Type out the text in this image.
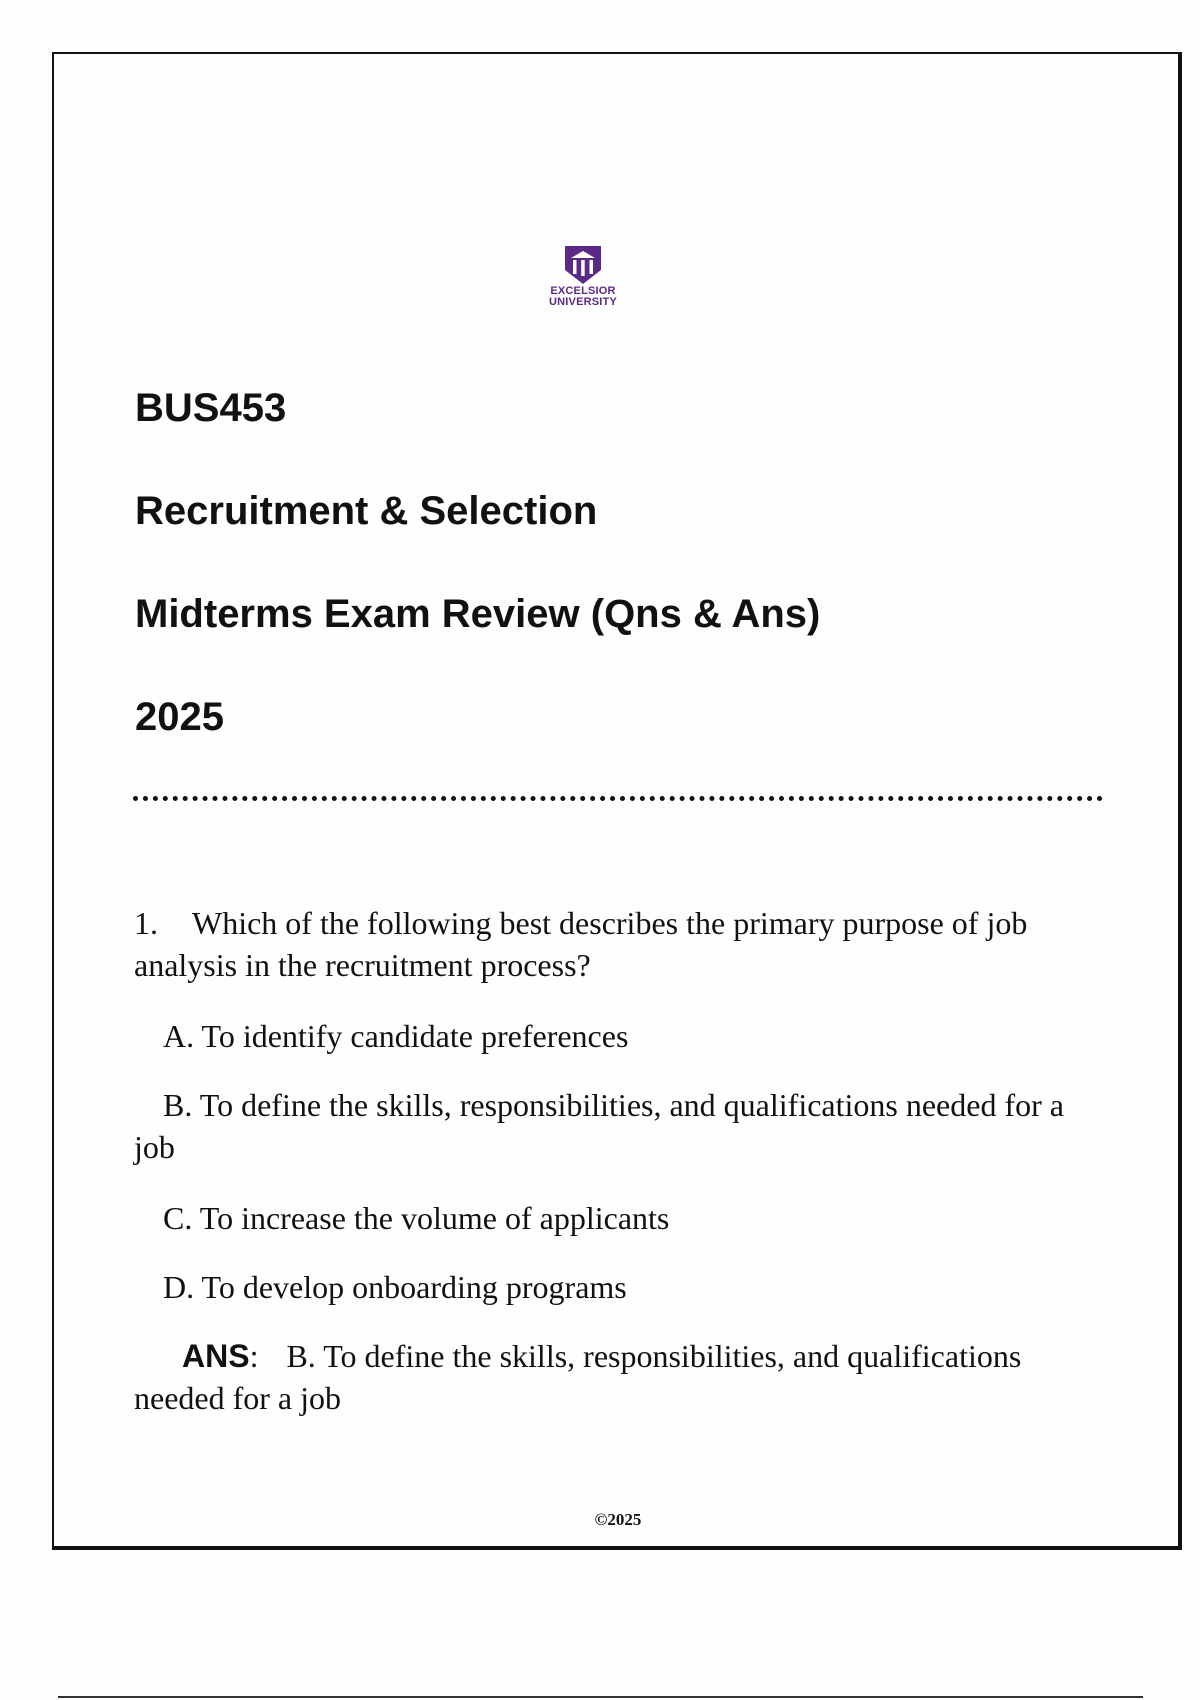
EXCELSIOR
UNIVERSITY

BUS453

Recruitment & Selection

Midterms Exam Review (Qns & Ans)

2025

1. Which of the following best describes the primary purpose of job analysis in the recruitment process?

A. To identify candidate preferences

B. To define the skills, responsibilities, and qualifications needed for a job

C. To increase the volume of applicants

D. To develop onboarding programs

ANS: B. To define the skills, responsibilities, and qualifications needed for a job

©2025
